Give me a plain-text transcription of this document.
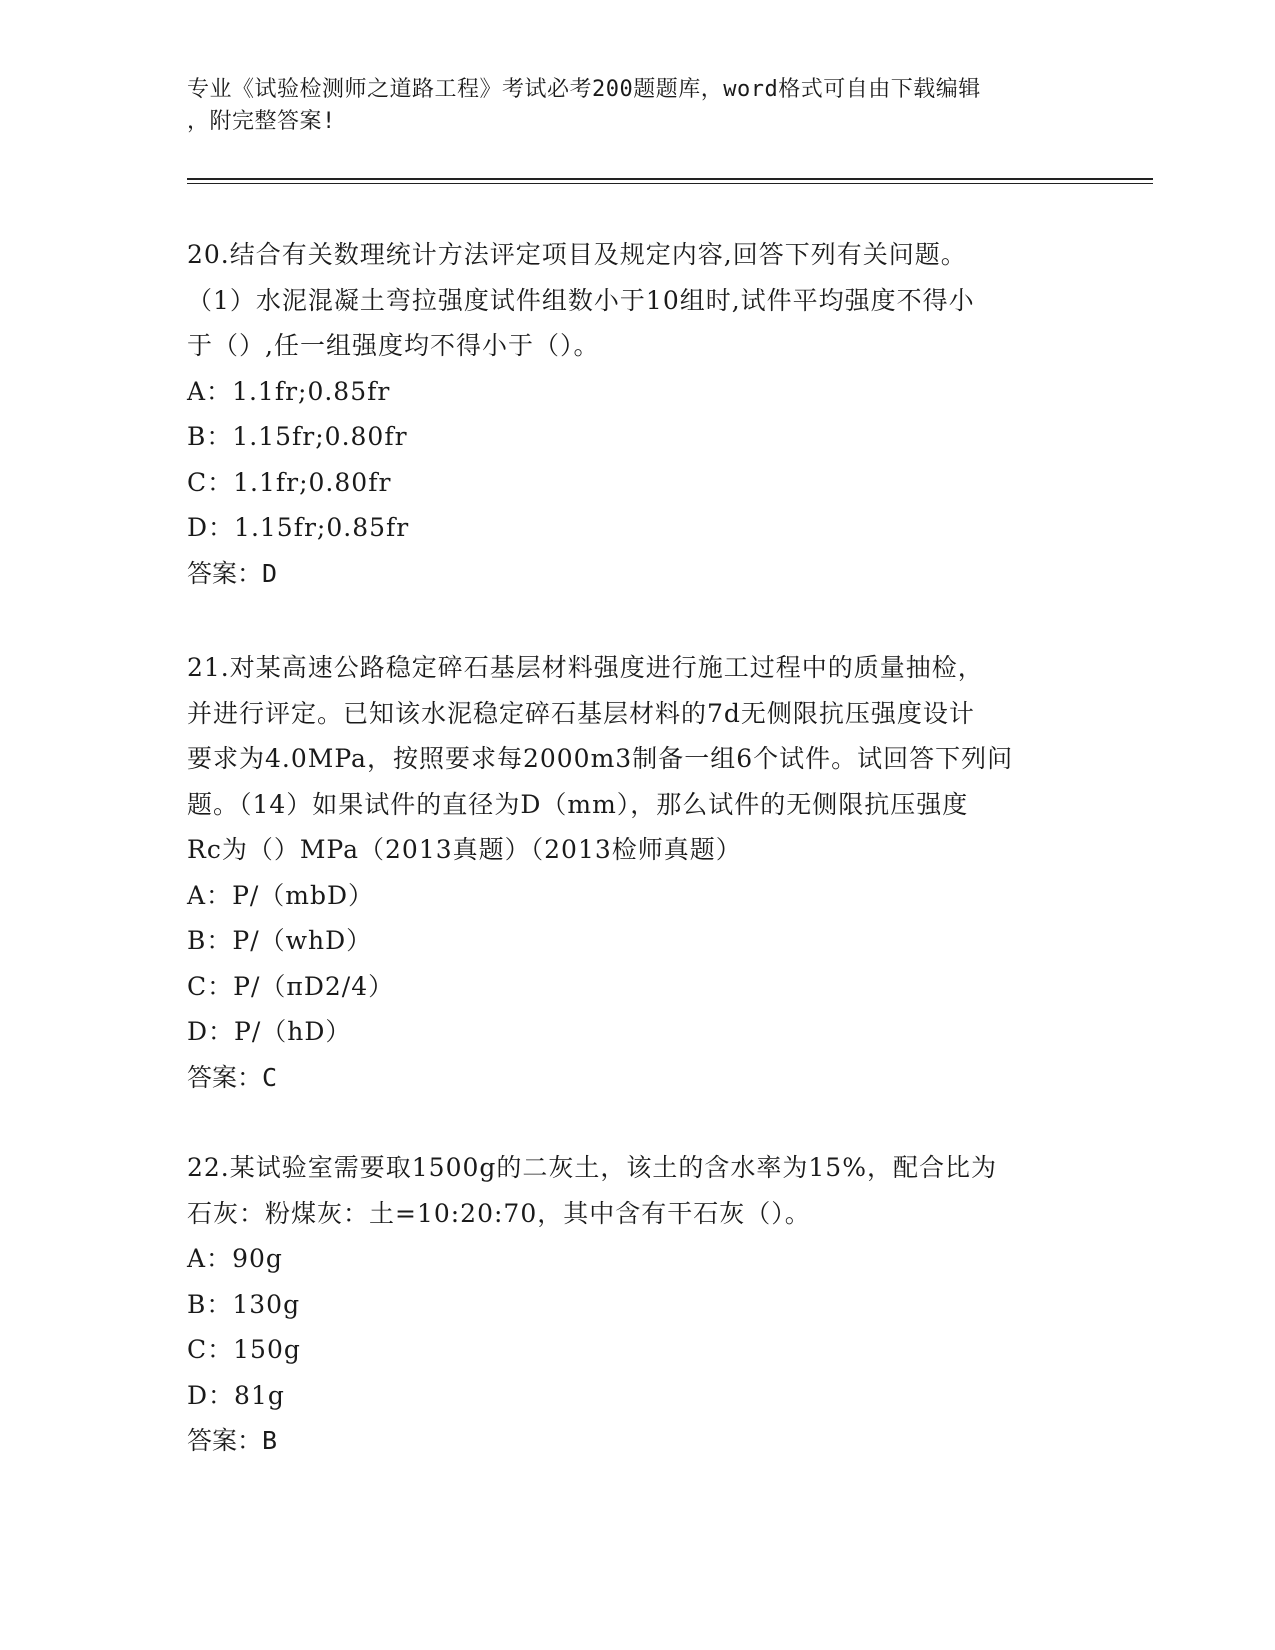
专业《试验检测师之道路工程》考试必考200题题库，word格式可自由下载编辑
，附完整答案!
20.结合有关数理统计方法评定项目及规定内容,回答下列有关问题。
（1）水泥混凝土弯拉强度试件组数小于10组时,试件平均强度不得小
于（）,任一组强度均不得小于（）。
A：1.1fr;0.85fr
B：1.15fr;0.80fr
C：1.1fr;0.80fr
D：1.15fr;0.85fr
答案：D
21.对某高速公路稳定碎石基层材料强度进行施工过程中的质量抽检，
并进行评定。已知该水泥稳定碎石基层材料的7d无侧限抗压强度设计
要求为4.0MPa，按照要求每2000m3制备一组6个试件。试回答下列问
题。（14）如果试件的直径为D（mm），那么试件的无侧限抗压强度
Rc为（）MPa（2013真题）（2013检师真题）
A：P/（mbD）
B：P/（whD）
C：P/（πD2/4）
D：P/（hD）
答案：C
22.某试验室需要取1500g的二灰土，该土的含水率为15%，配合比为
石灰：粉煤灰：土=10:20:70，其中含有干石灰（）。
A：90g
B：130g
C：150g
D：81g
答案：B
